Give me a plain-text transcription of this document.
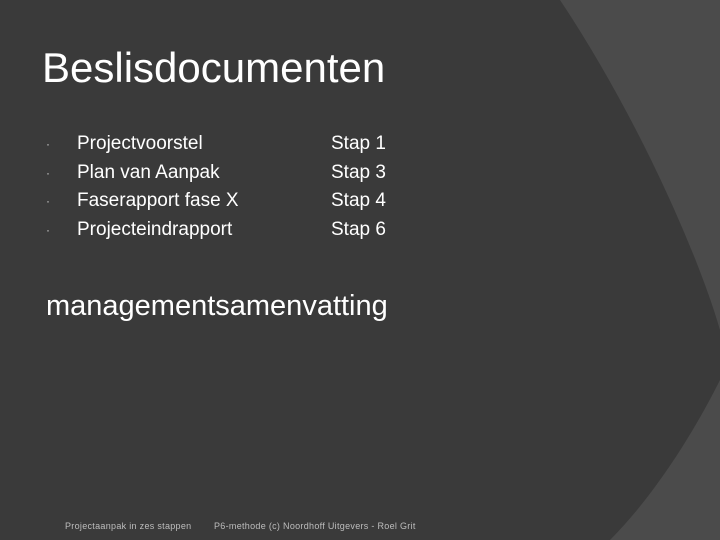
Beslisdocumenten
· Projectvoorstel	Stap 1
· Plan van Aanpak	Stap 3
· Faserapport fase X	Stap 4
· Projecteindrapport	Stap 6
managementsamenvatting
Projectaanpak in zes stappen	P6-methode (c) Noordhoff Uitgevers - Roel Grit
